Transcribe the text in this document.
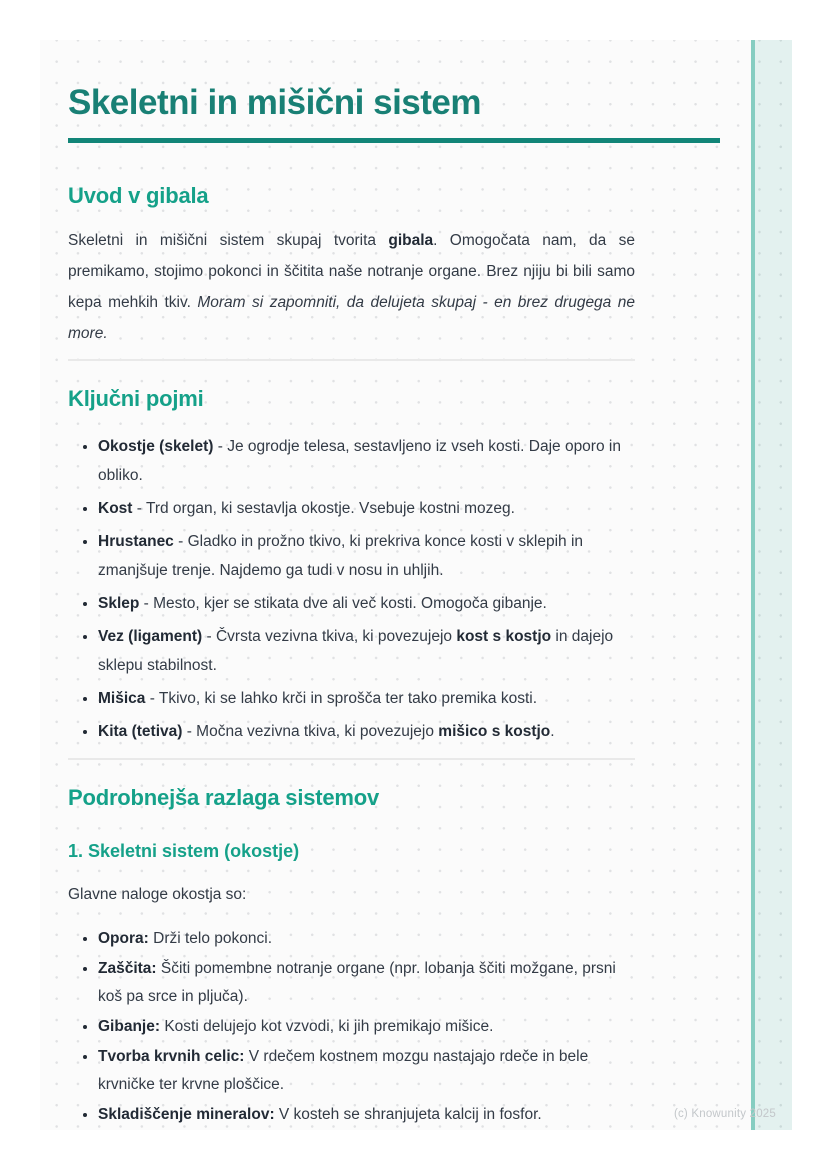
Skeletni in mišični sistem
Uvod v gibala

Skeletni in mišični sistem skupaj tvorita gibala. Omogočata nam, da se premikamo, stojimo pokonci in ščitita naše notranje organe. Brez njiju bi bili samo kepa mehkih tkiv. Moram si zapomniti, da delujeta skupaj - en brez drugega ne more.

Ključni pojmi
• Okostje (skelet) - Je ogrodje telesa, sestavljeno iz vseh kosti. Daje oporo in obliko.
• Kost - Trd organ, ki sestavlja okostje. Vsebuje kostni mozeg.
• Hrustanec - Gladko in prožno tkivo, ki prekriva konce kosti v sklepih in zmanjšuje trenje. Najdemo ga tudi v nosu in uhljih.
• Sklep - Mesto, kjer se stikata dve ali več kosti. Omogoča gibanje.
• Vez (ligament) - Čvrsta vezivna tkiva, ki povezujejo kost s kostjo in dajejo sklepu stabilnost.
• Mišica - Tkivo, ki se lahko krči in sprošča ter tako premika kosti.
• Kita (tetiva) - Močna vezivna tkiva, ki povezujejo mišico s kostjo.
Podrobnejša razlaga sistemov
1. Skeletni sistem (okostje)

Glavne naloge okostja so:

• Opora: Drži telo pokonci.
• Zaščita: Ščiti pomembne notranje organe (npr. lobanja ščiti možgane, prsni koš pa srce in pljuča).
• Gibanje: Kosti delujejo kot vzvodi, ki jih premikajo mišice.
• Tvorba krvnih celic: V rdečem kostnem mozgu nastajajo rdeče in bele krvničke ter krvne ploščice.
• Skladiščenje mineralov: V kosteh se shranjujeta kalcij in fosfor.	(c) Knowunity 2025
